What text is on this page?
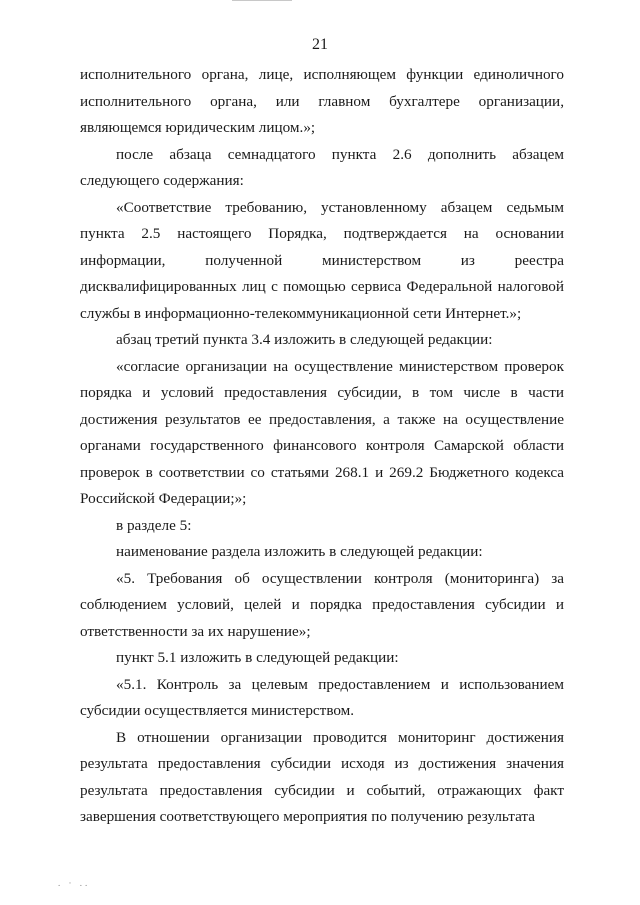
21

исполнительного органа, лице, исполняющем функции единоличного исполнительного органа, или главном бухгалтере организации, являющемся юридическим лицом.»;

после абзаца семнадцатого пункта 2.6 дополнить абзацем следующего содержания:

«Соответствие требованию, установленному абзацем седьмым пункта 2.5 настоящего Порядка, подтверждается на основании информации, полученной министерством из реестра дисквалифицированных лиц с помощью сервиса Федеральной налоговой службы в информационно-телекоммуникационной сети Интернет.»;

абзац третий пункта 3.4 изложить в следующей редакции:

«согласие организации на осуществление министерством проверок порядка и условий предоставления субсидии, в том числе в части достижения результатов ее предоставления, а также на осуществление органами государственного финансового контроля Самарской области проверок в соответствии со статьями 268.1 и 269.2 Бюджетного кодекса Российской Федерации;»;

в разделе 5:

наименование раздела изложить в следующей редакции:

«5. Требования об осуществлении контроля (мониторинга) за соблюдением условий, целей и порядка предоставления субсидии и ответственности за их нарушение»;

пункт 5.1 изложить в следующей редакции:

«5.1. Контроль за целевым предоставлением и использованием субсидии осуществляется министерством.

В отношении организации проводится мониторинг достижения результата предоставления субсидии исходя из достижения значения результата предоставления субсидии и событий, отражающих факт завершения соответствующего мероприятия по получению результата

. · ..
